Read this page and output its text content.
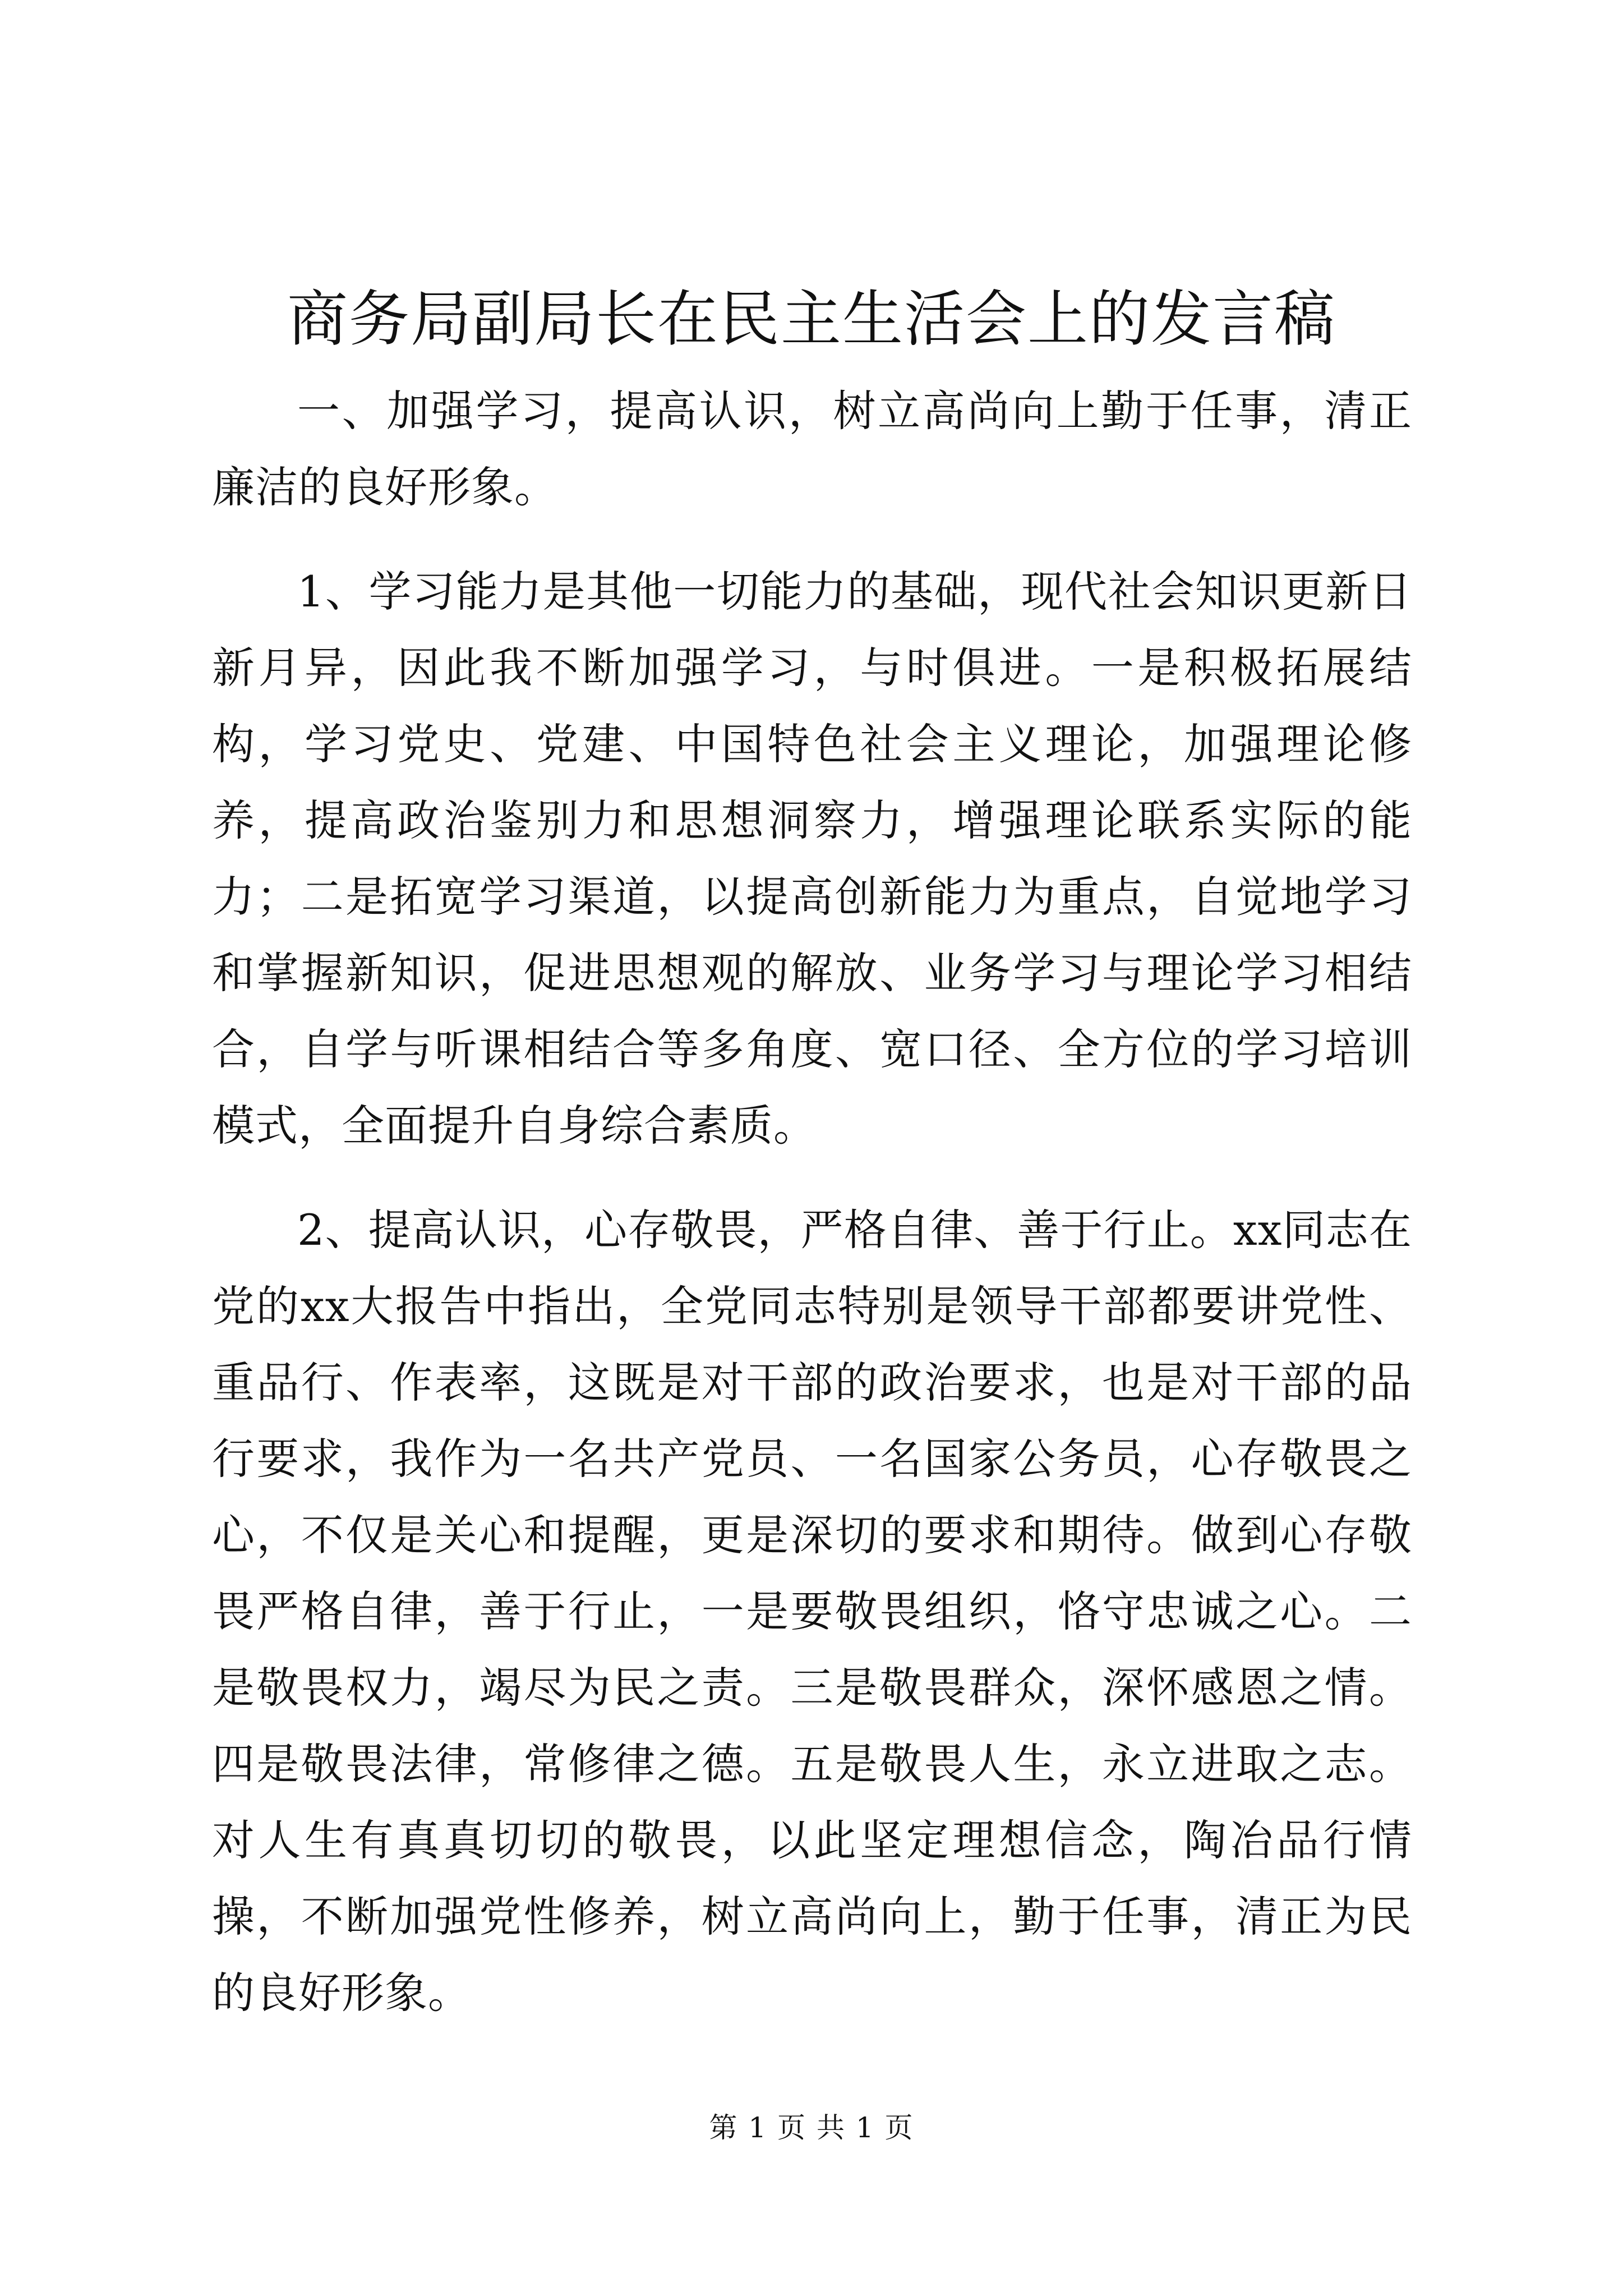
商务局副局长在民主生活会上的发言稿

一、加强学习，提高认识，树立高尚向上勤于任事，清正廉洁的良好形象。

1、学习能力是其他一切能力的基础，现代社会知识更新日新月异，因此我不断加强学习，与时俱进。一是积极拓展结构，学习党史、党建、中国特色社会主义理论，加强理论修养，提高政治鉴别力和思想洞察力，增强理论联系实际的能力；二是拓宽学习渠道，以提高创新能力为重点，自觉地学习和掌握新知识，促进思想观的解放、业务学习与理论学习相结合，自学与听课相结合等多角度、宽口径、全方位的学习培训模式，全面提升自身综合素质。

2、提高认识，心存敬畏，严格自律、善于行止。xx同志在党的xx大报告中指出，全党同志特别是领导干部都要讲党性、重品行、作表率，这既是对干部的政治要求，也是对干部的品行要求，我作为一名共产党员、一名国家公务员，心存敬畏之心，不仅是关心和提醒，更是深切的要求和期待。做到心存敬畏严格自律，善于行止，一是要敬畏组织，恪守忠诚之心。二是敬畏权力，竭尽为民之责。三是敬畏群众，深怀感恩之情。四是敬畏法律，常修律之德。五是敬畏人生，永立进取之志。对人生有真真切切的敬畏，以此坚定理想信念，陶冶品行情操，不断加强党性修养，树立高尚向上，勤于任事，清正为民的良好形象。

第 1 页 共 1 页
